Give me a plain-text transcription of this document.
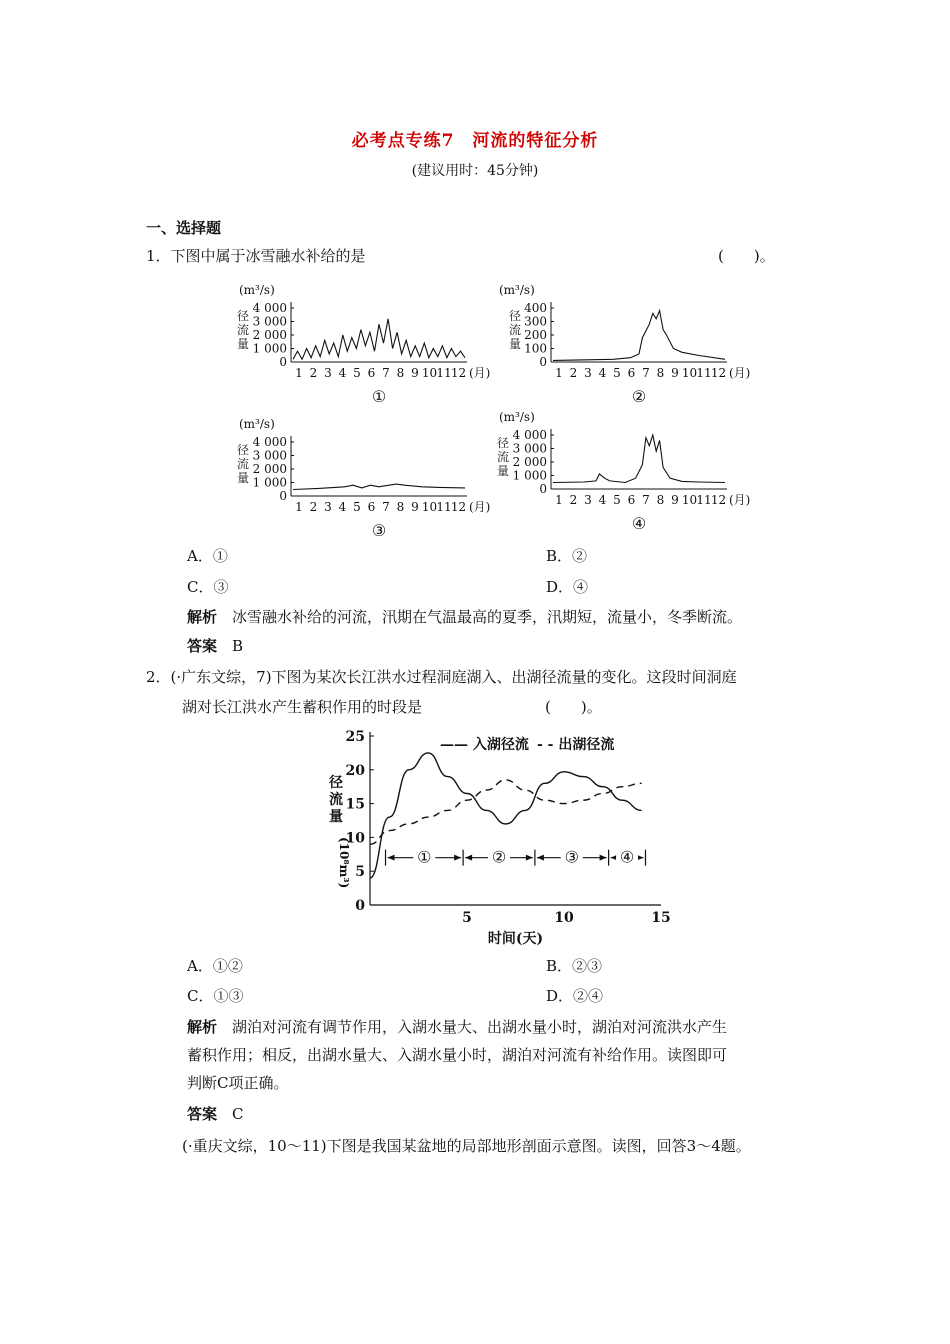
必考点专练7　河流的特征分析
(建议用时：45分钟)
一、选择题
1．下图中属于冰雪融水补给的是	(　　)。
(m³/s)
径
流
量
4 000
3 000
2 000
1 000
0
1 2 3 4 5 6 7 8 9 10 11 12 (月)
①
(m³/s)
径
流
量
400
300
200
100
0
1 2 3 4 5 6 7 8 9 10 11 12 (月)
②
(m³/s)
径
流
量
4 000
3 000
2 000
1 000
0
1 2 3 4 5 6 7 8 9 10 11 12 (月)
③
(m³/s)
径
流
量
4 000
3 000
2 000
1 000
0
1 2 3 4 5 6 7 8 9 10 11 12 (月)
④
A．①	B．②
C．③	D．④
解析　 冰雪融水补给的河流，汛期在气温最高的夏季，汛期短，流量小，冬季断流。
答案　 B
2．(·广东文综，7)下图为某次长江洪水过程洞庭湖入、出湖径流量的变化。这段时间洞庭
湖对长江洪水产生蓄积作用的时段是	(　　)。
25
20
15
10
5
0
5	10	15
时间(天)
径
流
量
(10⁸m³)
—— 入湖径流 - - 出湖径流
①	②	③	④
A．①②	B．②③
C．①③	D．②④
解析　 湖泊对河流有调节作用，入湖水量大、出湖水量小时，湖泊对河流洪水产生
蓄积作用；相反，出湖水量大、入湖水量小时，湖泊对河流有补给作用。读图即可
判断C项正确。
答案　 C
(·重庆文综，10～11)下图是我国某盆地的局部地形剖面示意图。读图，回答3～4题。
